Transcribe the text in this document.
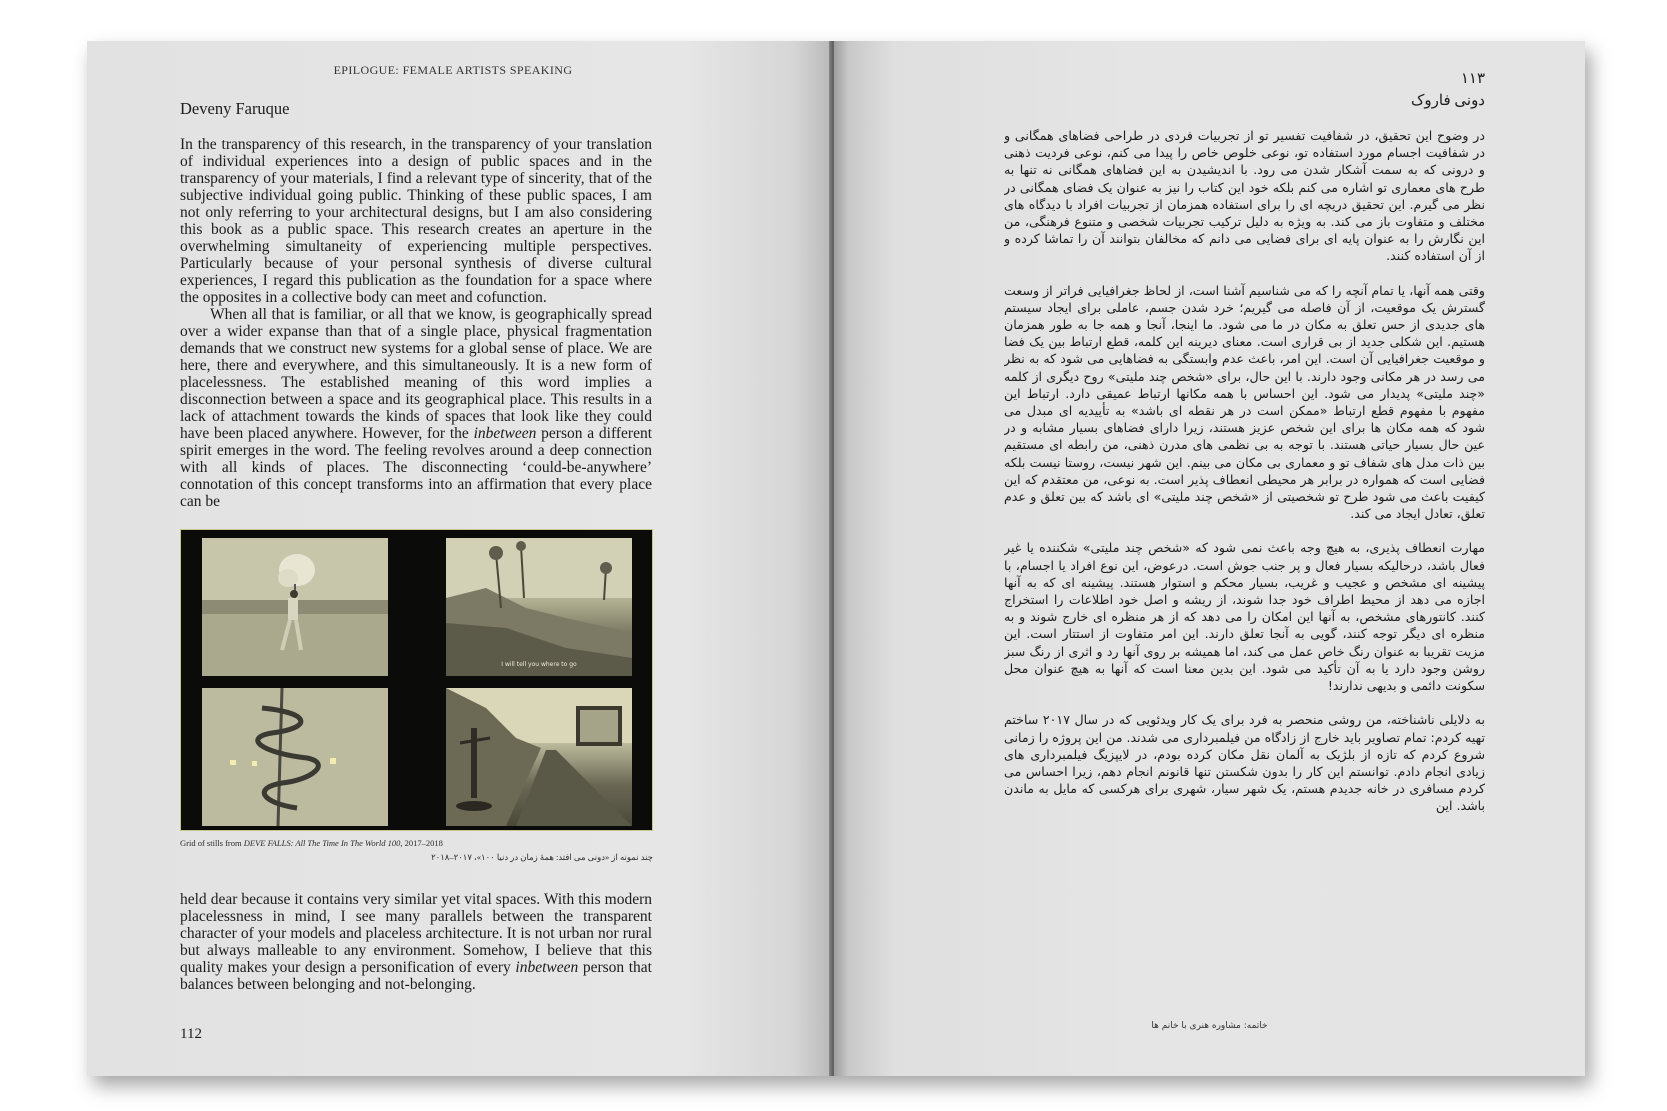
EPILOGUE: FEMALE ARTISTS SPEAKING
Deveny Faruque

In the transparency of this research, in the transparency of your translation of individual experiences into a design of public spaces and in the transparency of your materials, I find a relevant type of sincerity, that of the subjective individual going public. Thinking of these public spaces, I am not only referring to your architectural designs, but I am also considering this book as a public space. This research creates an aperture in the overwhelming simultaneity of experiencing multiple perspectives. Particularly because of your personal synthesis of diverse cultural experiences, I regard this publication as the foundation for a space where the opposites in a collective body can meet and cofunction.

When all that is familiar, or all that we know, is geographically spread over a wider expanse than that of a single place, physical fragmentation demands that we construct new systems for a global sense of place. We are here, there and everywhere, and this simultaneously. It is a new form of placelessness. The established meaning of this word implies a disconnection between a space and its geographical place. This results in a lack of attachment towards the kinds of spaces that look like they could have been placed anywhere. However, for the inbetween person a different spirit emerges in the word. The feeling revolves around a deep connection with all kinds of places. The disconnecting ‘could-be-anywhere’ connotation of this concept transforms into an affirmation that every place can be

I will tell you where to go
Grid of stills from DEVE FALLS: All The Time In The World 100, 2017–2018
چند نمونه از «دونی می افتد: همهٔ زمان در دنیا ۱۰۰»، ۲۰۱۷–۲۰۱۸

held dear because it contains very similar yet vital spaces. With this modern placelessness in mind, I see many parallels between the transparent character of your models and placeless architecture. It is not urban nor rural but always malleable to any environment. Somehow, I believe that this quality makes your design a personification of every inbetween person that balances between belonging and not-belonging.

112
۱۱۳
دونی فاروک

در وضوح این تحقیق، در شفافیت تفسیر تو از تجربیات فردی در طراحی فضاهای همگانی و در شفافیت اجسام مورد استفاده تو، نوعی خلوص خاص را پیدا می کنم، نوعی فردیت ذهنی و درونی که به سمت آشکار شدن می رود. با اندیشیدن به این فضاهای همگانی نه تنها به طرح های معماری تو اشاره می کنم بلکه خود این کتاب را نیز به عنوان یک فضای همگانی در نظر می گیرم. این تحقیق دریچه ای را برای استفاده همزمان از تجربیات افراد با دیدگاه های مختلف و متفاوت باز می کند. به ویژه به دلیل ترکیب تجربیات شخصی و متنوع فرهنگی، من این نگارش را به عنوان پایه ای برای فضایی می دانم که مخالفان بتوانند آن را تماشا کرده و از آن استفاده کنند.

وقتی همه آنها، یا تمام آنچه را که می شناسیم آشنا است، از لحاظ جغرافیایی فراتر از وسعت گسترش یک موقعیت، از آن فاصله می گیریم؛ خرد شدن جسم، عاملی برای ایجاد سیستم های جدیدی از حس تعلق به مکان در ما می شود. ما اینجا، آنجا و همه جا به طور همزمان هستیم. این شکلی جدید از بی قراری است. معنای دیرینه این کلمه، قطع ارتباط بین یک فضا و موقعیت جغرافیایی آن است. این امر، باعث عدم وابستگی به فضاهایی می شود که به نظر می رسد در هر مکانی وجود دارند. با این حال، برای «شخص چند ملیتی» روح دیگری از کلمه «چند ملیتی» پدیدار می شود. این احساس با همه مکانها ارتباط عمیقی دارد. ارتباط این مفهوم با مفهوم قطع ارتباط «ممکن است در هر نقطه ای باشد» به تأییدیه ای مبدل می شود که همه مکان ها برای این شخص عزیز هستند، زیرا دارای فضاهای بسیار مشابه و در عین حال بسیار حیاتی هستند. با توجه به بی نظمی های مدرن ذهنی، من رابطه ای مستقیم بین ذات مدل های شفاف تو و معماری بی مکان می بینم. این شهر نیست، روستا نیست بلکه فضایی است که همواره در برابر هر محیطی انعطاف پذیر است. به نوعی، من معتقدم که این کیفیت باعث می شود طرح تو شخصیتی از «شخص چند ملیتی» ای باشد که بین تعلق و عدم تعلق، تعادل ایجاد می کند.

مهارت انعطاف پذیری، به هیچ وجه باعث نمی شود که «شخص چند ملیتی» شکننده یا غیر فعال باشد، درحالیکه بسیار فعال و پر جنب جوش است. درعوض، این نوع افراد یا اجسام، با پیشینه ای مشخص و عجیب و غریب، بسیار محکم و استوار هستند. پیشینه ای که به آنها اجازه می دهد از محیط اطراف خود جدا شوند، از ریشه و اصل خود اطلاعات را استخراج کنند. کانتورهای مشخص، به آنها این امکان را می دهد که از هر منظره ای خارج شوند و به منظره ای دیگر توجه کنند، گویی به آنجا تعلق دارند. این امر متفاوت از استتار است. این مزیت تقریبا به عنوان رنگ خاص عمل می کند، اما همیشه بر روی آنها رد و اثری از رنگ سبز روشن وجود دارد یا به آن تأکید می شود. این بدین معنا است که آنها به هیچ عنوان محل سکونت دائمی و بدیهی ندارند!

به دلایلی ناشناخته، من روشی منحصر به فرد برای یک کار ویدئویی که در سال ۲۰۱۷ ساختم تهیه کردم: تمام تصاویر باید خارج از زادگاه من فیلمبرداری می شدند. من این پروژه را زمانی شروع کردم که تازه از بلژیک به آلمان نقل مکان کرده بودم، در لایپزیگ فیلمبرداری های زیادی انجام دادم. توانستم این کار را بدون شکستن تنها قانونم انجام دهم، زیرا احساس می کردم مسافری در خانه جدیدم هستم، یک شهر سیار، شهری برای هرکسی که مایل به ماندن باشد. این

خاتمه: مشاوره هنری با خانم ها
